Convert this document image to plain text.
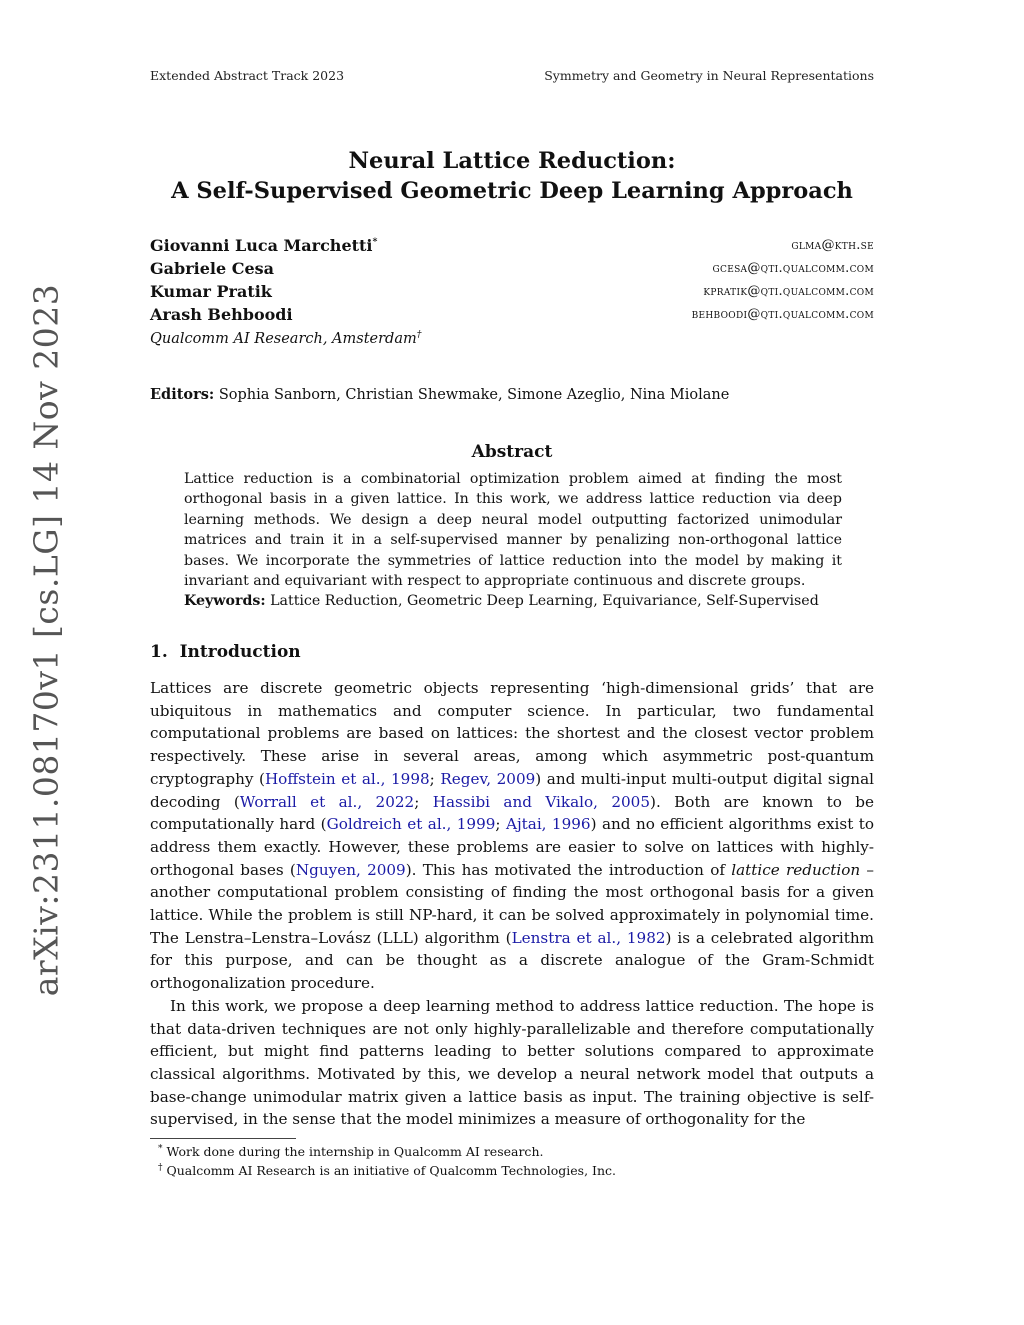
Extended Abstract Track 2023	Symmetry and Geometry in Neural Representations
arXiv:2311.08170v1 [cs.LG] 14 Nov 2023
Neural Lattice Reduction:
A Self-Supervised Geometric Deep Learning Approach
Giovanni Luca Marchetti*	glma@kth.se
Gabriele Cesa	gcesa@qti.qualcomm.com
Kumar Pratik	kpratik@qti.qualcomm.com
Arash Behboodi	behboodi@qti.qualcomm.com
Qualcomm AI Research, Amsterdam†
Editors: Sophia Sanborn, Christian Shewmake, Simone Azeglio, Nina Miolane
Abstract

Lattice reduction is a combinatorial optimization problem aimed at finding the most orthogonal basis in a given lattice. In this work, we address lattice reduction via deep learning methods. We design a deep neural model outputting factorized unimodular matrices and train it in a self-supervised manner by penalizing non-orthogonal lattice bases. We incorporate the symmetries of lattice reduction into the model by making it invariant and equivariant with respect to appropriate continuous and discrete groups.

Keywords: Lattice Reduction, Geometric Deep Learning, Equivariance, Self-Supervised

1. Introduction

Lattices are discrete geometric objects representing ‘high-dimensional grids’ that are ubiquitous in mathematics and computer science. In particular, two fundamental computational problems are based on lattices: the shortest and the closest vector problem respectively. These arise in several areas, among which asymmetric post-quantum cryptography (Hoffstein et al., 1998; Regev, 2009) and multi-input multi-output digital signal decoding (Worrall et al., 2022; Hassibi and Vikalo, 2005). Both are known to be computationally hard (Goldreich et al., 1999; Ajtai, 1996) and no efficient algorithms exist to address them exactly. However, these problems are easier to solve on lattices with highly-orthogonal bases (Nguyen, 2009). This has motivated the introduction of lattice reduction – another computational problem consisting of finding the most orthogonal basis for a given lattice. While the problem is still NP-hard, it can be solved approximately in polynomial time. The Lenstra–Lenstra–Lovász (LLL) algorithm (Lenstra et al., 1982) is a celebrated algorithm for this purpose, and can be thought as a discrete analogue of the Gram-Schmidt orthogonalization procedure.

In this work, we propose a deep learning method to address lattice reduction. The hope is that data-driven techniques are not only highly-parallelizable and therefore computationally efficient, but might find patterns leading to better solutions compared to approximate classical algorithms. Motivated by this, we develop a neural network model that outputs a base-change unimodular matrix given a lattice basis as input. The training objective is self-supervised, in the sense that the model minimizes a measure of orthogonality for the

* Work done during the internship in Qualcomm AI research.
† Qualcomm AI Research is an initiative of Qualcomm Technologies, Inc.
